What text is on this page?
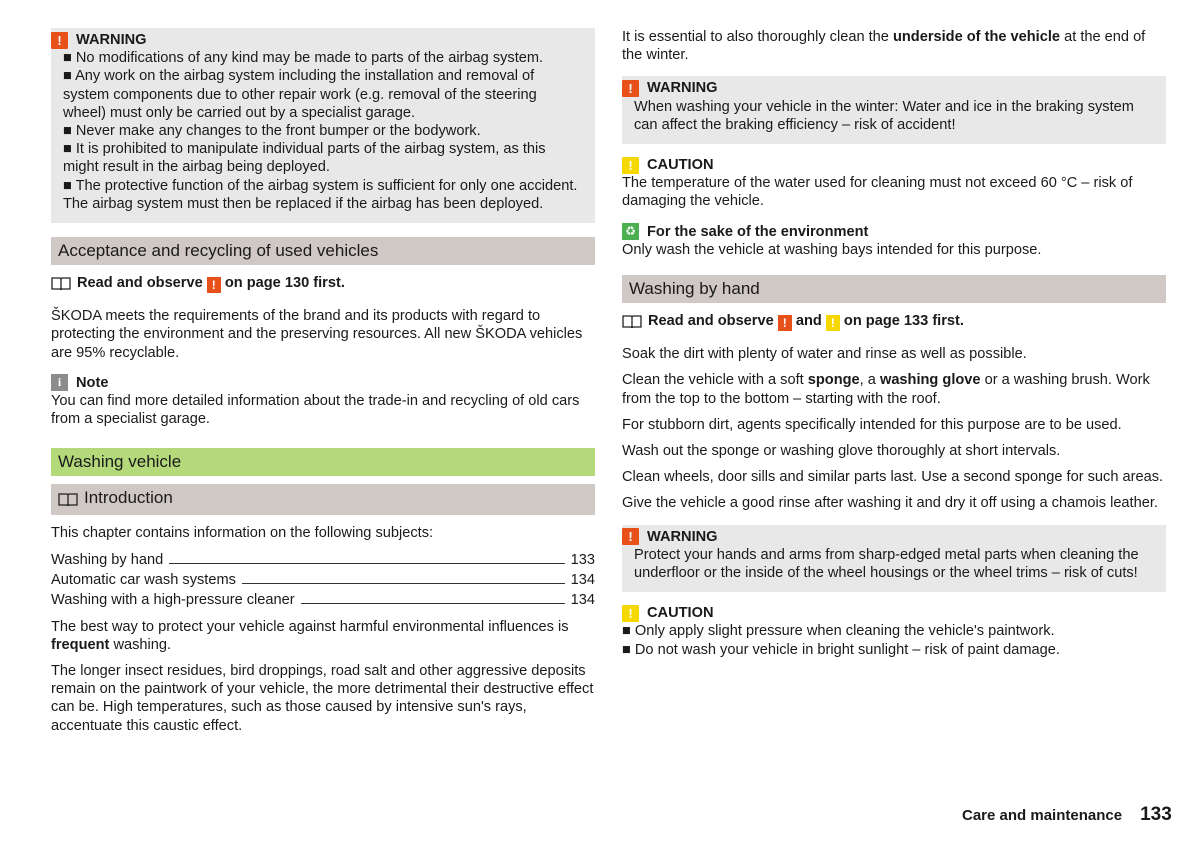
! WARNING

■ No modifications of any kind may be made to parts of the airbag system.

■ Any work on the airbag system including the installation and removal of system components due to other repair work (e.g. removal of the steering wheel) must only be carried out by a specialist garage.

■ Never make any changes to the front bumper or the bodywork.

■ It is prohibited to manipulate individual parts of the airbag system, as this might result in the airbag being deployed.

■ The protective function of the airbag system is sufficient for only one accident. The airbag system must then be replaced if the airbag has been deployed.

Acceptance and recycling of used vehicles

Read and observe ! on page 130 first.

ŠKODA meets the requirements of the brand and its products with regard to protecting the environment and the preserving resources. All new ŠKODA vehicles are 95% recyclable.

i	Note

You can find more detailed information about the trade-in and recycling of old cars from a specialist garage.

Washing vehicle
Introduction

This chapter contains information on the following subjects:

Washing by hand	133
Automatic car wash systems	134
Washing with a high-pressure cleaner	134

The best way to protect your vehicle against harmful environmental influences is frequent washing.

The longer insect residues, bird droppings, road salt and other aggressive deposits remain on the paintwork of your vehicle, the more detrimental their destructive effect can be. High temperatures, such as those caused by intensive sun's rays, accentuate this caustic effect.

It is essential to also thoroughly clean the underside of the vehicle at the end of the winter.

! WARNING

When washing your vehicle in the winter: Water and ice in the braking system can affect the braking efficiency – risk of accident!

! CAUTION

The temperature of the water used for cleaning must not exceed 60 °C – risk of damaging the vehicle.

♻ For the sake of the environment

Only wash the vehicle at washing bays intended for this purpose.

Washing by hand

Read and observe ! and ! on page 133 first.

Soak the dirt with plenty of water and rinse as well as possible.

Clean the vehicle with a soft sponge, a washing glove or a washing brush. Work from the top to the bottom – starting with the roof.

For stubborn dirt, agents specifically intended for this purpose are to be used.

Wash out the sponge or washing glove thoroughly at short intervals.

Clean wheels, door sills and similar parts last. Use a second sponge for such areas.

Give the vehicle a good rinse after washing it and dry it off using a chamois leather.

! WARNING

Protect your hands and arms from sharp-edged metal parts when cleaning the underfloor or the inside of the wheel housings or the wheel trims – risk of cuts!

! CAUTION

■ Only apply slight pressure when cleaning the vehicle's paintwork.

■ Do not wash your vehicle in bright sunlight – risk of paint damage.

Care and maintenance 133
